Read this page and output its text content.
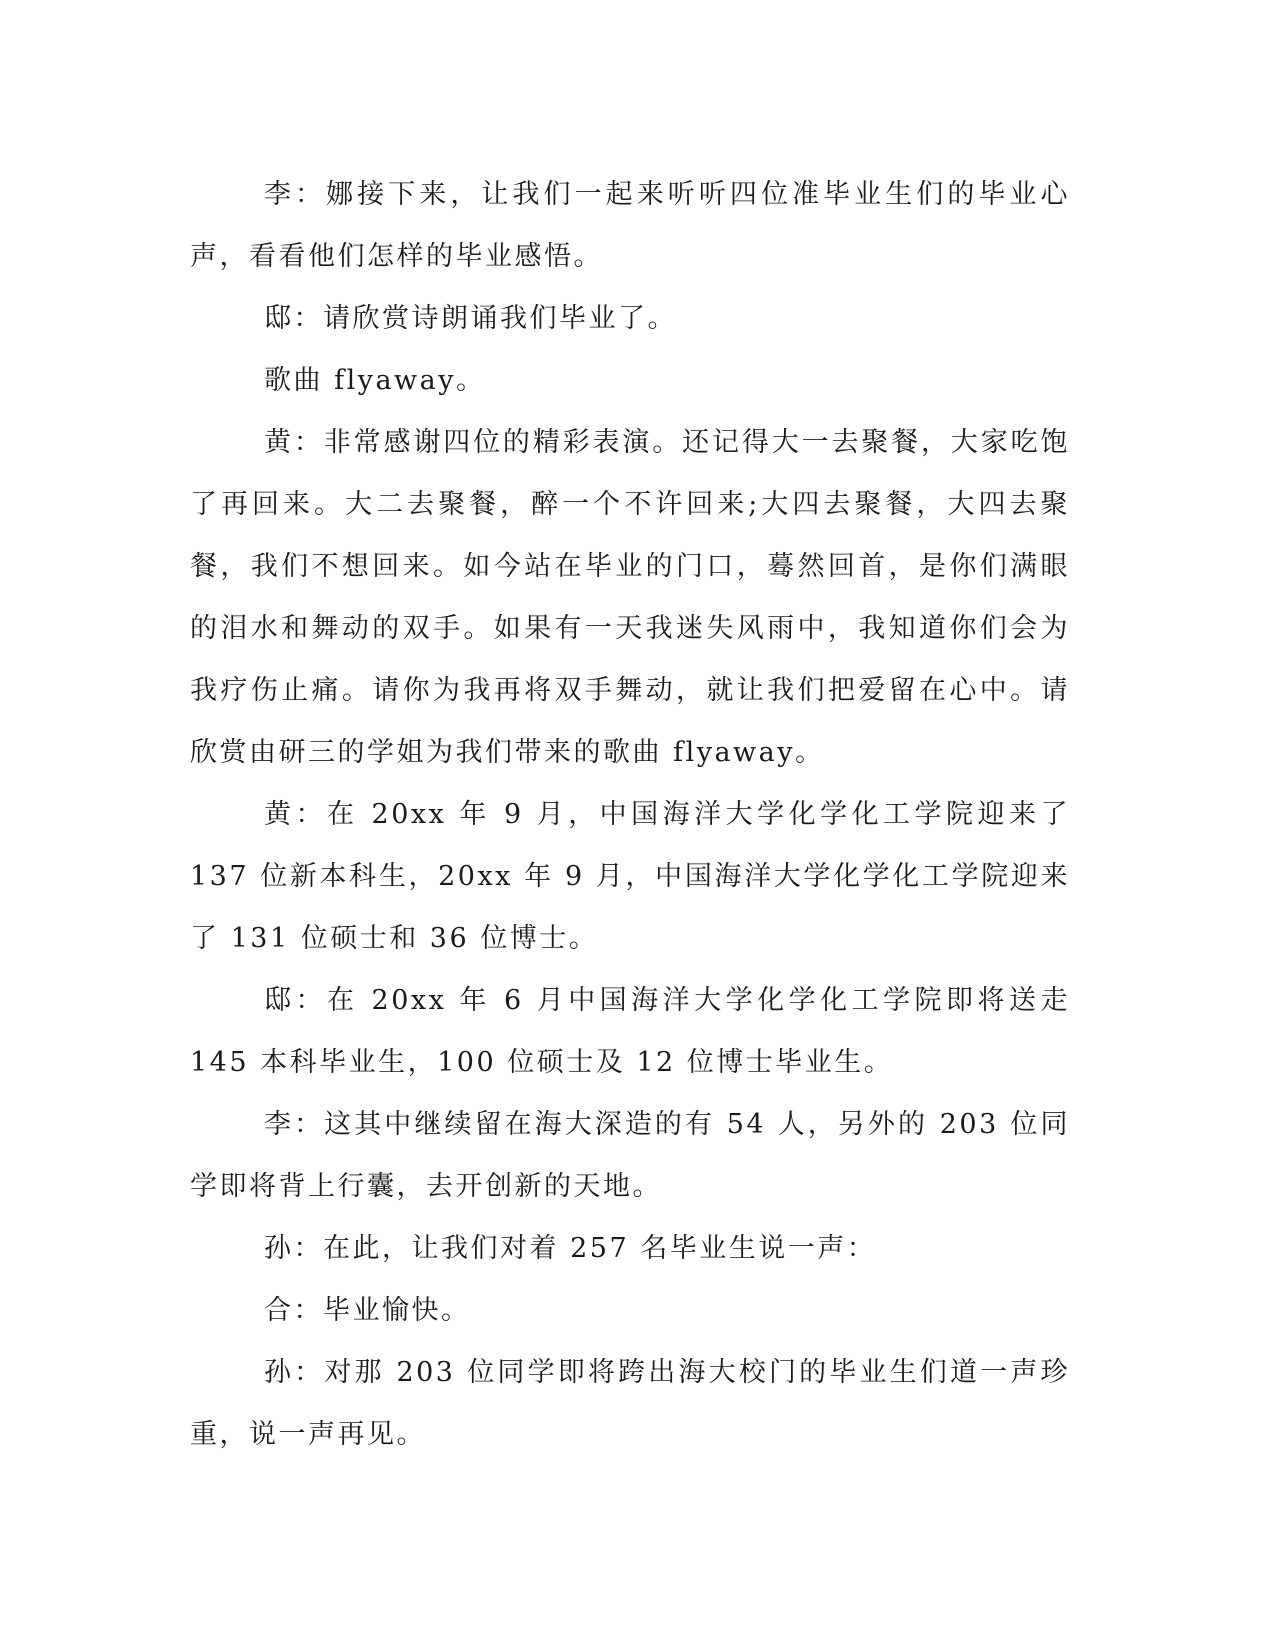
李：娜接下来，让我们一起来听听四位准毕业生们的毕业心声，看看他们怎样的毕业感悟。

邸：请欣赏诗朗诵我们毕业了。

歌曲 flyaway。

黄：非常感谢四位的精彩表演。还记得大一去聚餐，大家吃饱了再回来。大二去聚餐，醉一个不许回来;大四去聚餐，大四去聚餐，我们不想回来。如今站在毕业的门口，蓦然回首，是你们满眼的泪水和舞动的双手。如果有一天我迷失风雨中，我知道你们会为我疗伤止痛。请你为我再将双手舞动，就让我们把爱留在心中。请欣赏由研三的学姐为我们带来的歌曲 flyaway。

黄：在 20xx 年 9 月，中国海洋大学化学化工学院迎来了 137 位新本科生，20xx 年 9 月，中国海洋大学化学化工学院迎来了 131 位硕士和 36 位博士。

邸：在 20xx 年 6 月中国海洋大学化学化工学院即将送走 145 本科毕业生，100 位硕士及 12 位博士毕业生。

李：这其中继续留在海大深造的有 54 人，另外的 203 位同学即将背上行囊，去开创新的天地。

孙：在此，让我们对着 257 名毕业生说一声：

合：毕业愉快。

孙：对那 203 位同学即将跨出海大校门的毕业生们道一声珍重，说一声再见。
